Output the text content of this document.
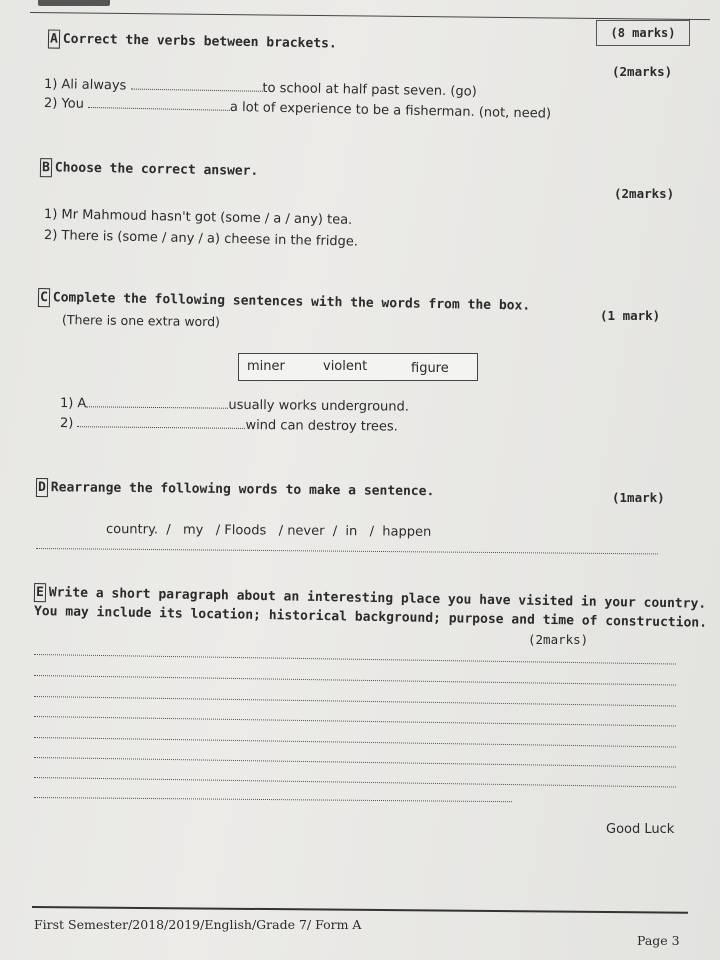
(8 marks)
A Correct the verbs between brackets.
(2marks)
1) Ali always	to school at half past seven. (go)
2) You	a lot of experience to be a fisherman. (not, need)
B Choose the correct answer.
(2marks)
1) Mr Mahmoud hasn't got (some / a / any) tea.
2) There is (some / any / a) cheese in the fridge.
C Complete the following sentences with the words from the box.
(1 mark)
(There is one extra word)
miner	violent	figure
1) A	usually works underground.
2)	wind can destroy trees.
D Rearrange the following words to make a sentence.	(1mark)
country.  /   my   / Floods   / never  /  in   /  happen
E Write a short paragraph about an interesting place you have visited in your country.
You may include its location; historical background; purpose and time of construction.
(2marks)
Good Luck
First Semester/2018/2019/English/Grade 7/ Form A
Page 3
